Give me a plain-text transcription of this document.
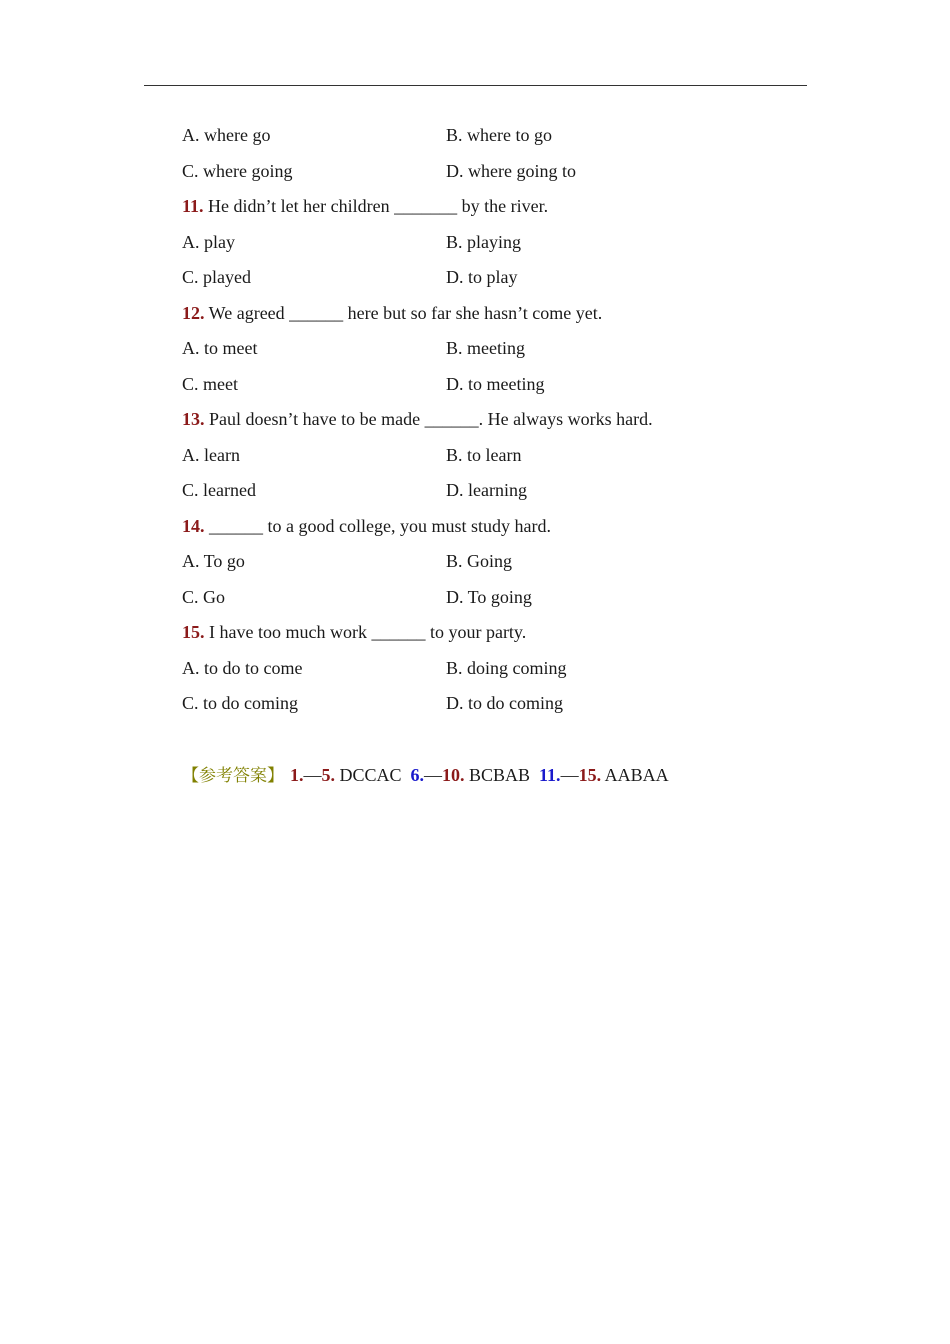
A. where go	B. where to go
C. where going	D. where going to
11. He didn’t let her children _______ by the river.
A. play	B. playing
C. played	D. to play
12. We agreed ______ here but so far she hasn’t come yet.
A. to meet	B. meeting
C. meet	D. to meeting
13. Paul doesn’t have to be made ______. He always works hard.
A. learn	B. to learn
C. learned	D. learning
14. ______ to a good college, you must study hard.
A. To go	B. Going
C. Go	D. To going
15. I have too much work ______ to your party.
A. to do to come	B. doing coming
C. to do coming	D. to do coming
【参考答案】 1.—5. DCCAC 6.—10. BCBAB 11.—15. AABAA
